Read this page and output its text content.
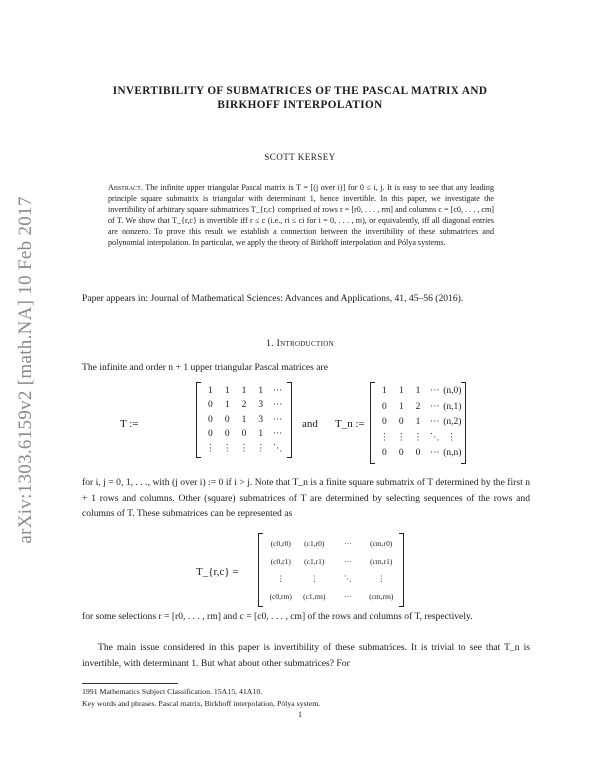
arXiv:1303.6159v2 [math.NA] 10 Feb 2017
INVERTIBILITY OF SUBMATRICES OF THE PASCAL MATRIX AND
BIRKHOFF INTERPOLATION
SCOTT KERSEY
Abstract. The infinite upper triangular Pascal matrix is T = [(j over i)] for 0 ≤ i, j. It is easy to see that any leading principle square submatrix is triangular with determinant 1, hence invertible. In this paper, we investigate the invertibility of arbitrary square submatrices T_{r,c} comprised of rows r = [r0, . . . , rm] and columns c = [c0, . . . , cm] of T. We show that T_{r,c} is invertible iff r ≤ c (i.e., ri ≤ ci for i = 0, . . . , m), or equivalently, iff all diagonal entries are nonzero. To prove this result we establish a connection between the invertibility of these submatrices and polynomial interpolation. In particular, we apply the theory of Birkhoff interpolation and Pólya systems.
Paper appears in: Journal of Mathematical Sciences: Advances and Applications, 41, 45–56 (2016).
1. Introduction
The infinite and order n + 1 upper triangular Pascal matrices are
T :=
1	1	1	1	···
0	1	2	3	···
0	0	1	3	···
0	0	0	1	···
⋮ ⋮ ⋮ ⋮ ⋱
and T_n :=
1	1	1	··· (n,0)
0	1	2	··· (n,1)
0	0	1	··· (n,2)
⋮ ⋮ ⋮ ⋱ ⋮
0	0	0	··· (n,n)
for i, j = 0, 1, . . ., with (j over i) := 0 if i > j. Note that T_n is a finite square submatrix of T determined by the first n + 1 rows and columns. Other (square) submatrices of T are determined by selecting sequences of the rows and columns of T. These submatrices can be represented as
T_{r,c} =
(c0,r0)	(c1,r0)	···	(cm,r0)
(c0,r1)	(c1,r1)	···	(cm,r1)
⋮	⋮	⋱	⋮
(c0,rm)	(c1,rm)	···	(cm,rm)
for some selections r = [r0, . . . , rm] and c = [c0, . . . , cm] of the rows and columns of T, respectively.
The main issue considered in this paper is invertibility of these submatrices. It is trivial to see that T_n is invertible, with determinant 1. But what about other submatrices? For
1991 Mathematics Subject Classification. 15A15, 41A10.
Key words and phrases. Pascal matrix, Birkhoff interpolation, Pólya system.
1
